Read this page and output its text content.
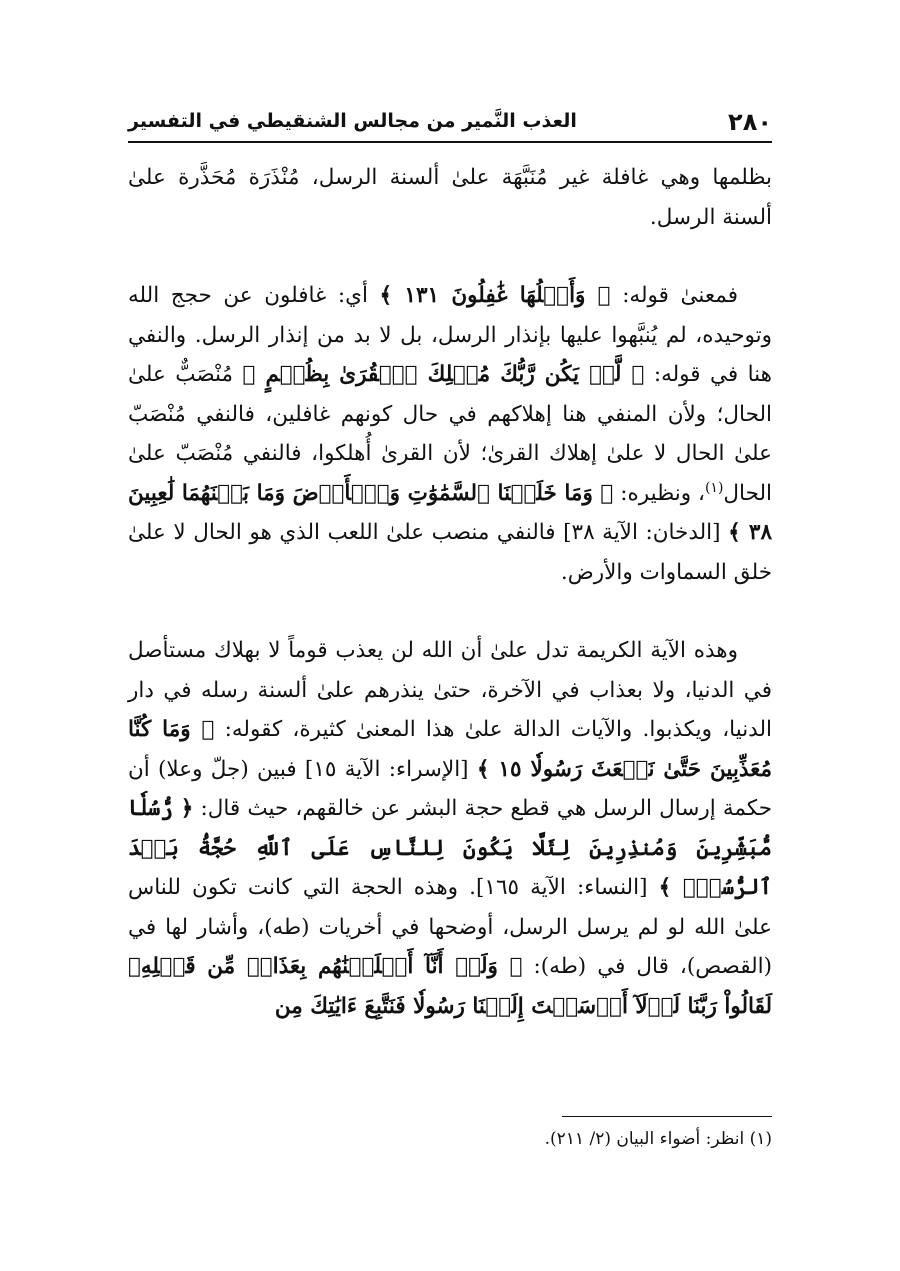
٢٨٠
العذب النَّمير من مجالس الشنقيطي في التفسير

بظلمها وهي غافلة غير مُنَبَّهَة علىٰ ألسنة الرسل، مُنْذَرَة مُحَذَّرة علىٰ ألسنة الرسل.

فمعنىٰ قوله: ﴿ وَأَهۡلُهَا غَٰفِلُونَ ١٣١ ﴾ أي: غافلون عن حجج الله وتوحيده، لم يُنبَّهوا عليها بإنذار الرسل، بل لا بد من إنذار الرسل. والنفي هنا في قوله: ﴿ لَّمۡ يَكُن رَّبُّكَ مُهۡلِكَ ٱلۡقُرَىٰ بِظُلۡمٍ ﴾ مُنْصَبٌّ علىٰ الحال؛ ولأن المنفي هنا إهلاكهم في حال كونهم غافلين، فالنفي مُنْصَبّ علىٰ الحال لا علىٰ إهلاك القرىٰ؛ لأن القرىٰ أُهلكوا، فالنفي مُنْصَبّ علىٰ الحال$^{(١)}$، ونظيره: ﴿ وَمَا خَلَقۡنَا ٱلسَّمَٰوَٰتِ وَٱلۡأَرۡضَ وَمَا بَيۡنَهُمَا لَٰعِبِينَ ٣٨ ﴾ [الدخان: الآية ٣٨] فالنفي منصب علىٰ اللعب الذي هو الحال لا علىٰ خلق السماوات والأرض.

وهذه الآية الكريمة تدل علىٰ أن الله لن يعذب قوماً لا بهلاك مستأصل في الدنيا، ولا بعذاب في الآخرة، حتىٰ ينذرهم علىٰ ألسنة رسله في دار الدنيا، ويكذبوا. والآيات الدالة علىٰ هذا المعنىٰ كثيرة، كقوله: ﴿ وَمَا كُنَّا مُعَذِّبِينَ حَتَّىٰ نَبۡعَثَ رَسُولٗا ١٥ ﴾ [الإسراء: الآية ١٥] فبين (جلّ وعلا) أن حكمة إرسال الرسل هي قطع حجة البشر عن خالقهم، حيث قال: ﴿ رُّسُلٗا مُّبَشِّرِينَ وَمُنذِرِينَ لِئَلَّا يَكُونَ لِلنَّاسِ عَلَى ٱللَّهِ حُجَّةُۢ بَعۡدَ ٱلرُّسُلِۚ ﴾ [النساء: الآية ١٦٥]. وهذه الحجة التي كانت تكون للناس علىٰ الله لو لم يرسل الرسل، أوضحها في أخريات (طه)، وأشار لها في (القصص)، قال في (طه): ﴿ وَلَوۡ أَنَّآ أَهۡلَكۡنَٰهُم بِعَذَابٖ مِّن قَبۡلِهِۦ لَقَالُواْ رَبَّنَا لَوۡلَآ أَرۡسَلۡتَ إِلَيۡنَا رَسُولٗا فَنَتَّبِعَ ءَايَٰتِكَ مِن

(١) انظر: أضواء البيان (٢/ ٢١١).
